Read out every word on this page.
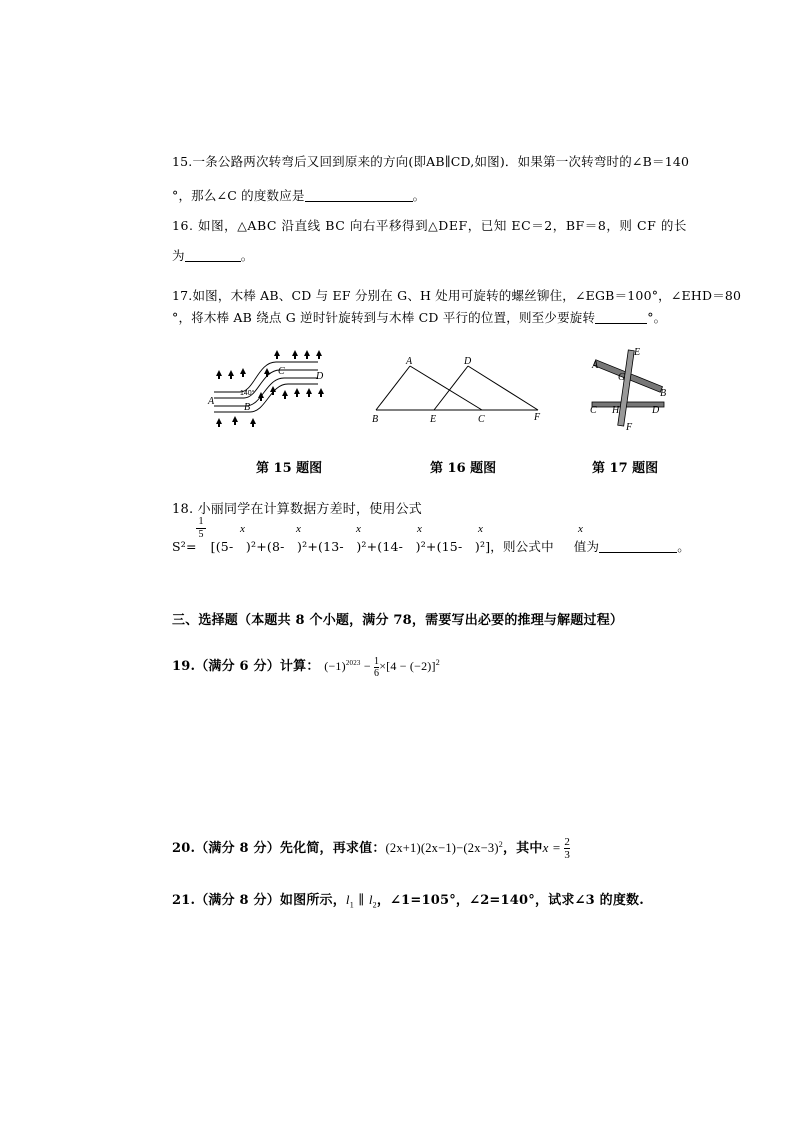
15.一条公路两次转弯后又回到原来的方向(即AB∥CD,如图)．如果第一次转弯时的∠B＝140
°，那么∠C 的度数应是	。
16. 如图，△ABC 沿直线 BC 向右平移得到△DEF，已知 EC＝2，BF＝8，则 CF 的长
为	。
17.如图，木棒 AB、CD 与 EF 分别在 G、H 处用可旋转的螺丝铆住，∠EGB＝100°，∠EHD＝80
°，将木棒 AB 绕点 G 逆时针旋转到与木棒 CD 平行的位置，则至少要旋转	°。
A
B
C	D
140°
A	D
B	E	C	F
A
B
E
G
C H	D
F
第 15 题图	第 16 题图	第 17 题图
18. 小丽同学在计算数据方差时，使用公式
$\frac{1}{5}$
S²= [(5-   )²+(8-   )²+(13-   )²+(14-   )²+(15-   )²]，则公式中 值为	。
x	x	x	x	x	x
三、选择题（本题共 8 个小题，满分 78，需要写出必要的推理与解题过程）
19.（满分 6 分）计算： $(-1)^{2023} - \frac{1}{6} \times[4 - (-2)]^2$
20.（满分 8 分）先化简，再求值：$(2x+1)(2x-1)-(2x-3)^2$，其中$x = \frac{2}{3}$
21.（满分 8 分）如图所示，$l_1$ ∥ $l_2$，∠1=105°，∠2=140°，试求∠3 的度数.
